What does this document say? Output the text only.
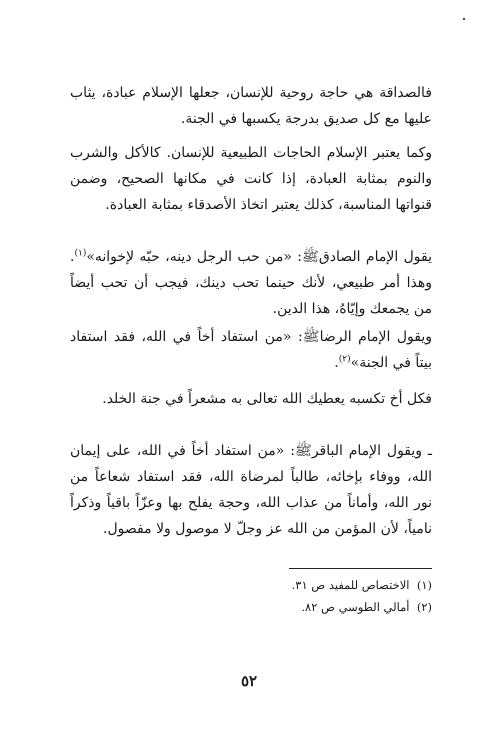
فالصداقة هي حاجة روحية للإنسان، جعلها الإسلام عبادة، يثاب عليها مع كل صديق بدرجة يكسبها في الجنة.

وكما يعتبر الإسلام الحاجات الطبيعية للإنسان. كالأكل والشرب والنوم بمثابة العبادة، إذا كانت في مكانها الصحيح، وضمن قنواتها المناسبة، كذلك يعتبر اتخاذ الأصدقاء بمثابة العبادة.

يقول الإمام الصادقﷺ: «من حب الرجل دينه، حبّه لإخوانه»$^{(١)}$. وهذا أمر طبيعي، لأنك حينما تحب دينك، فيجب أن تحب أيضاً من يجمعك وإيّاهُ، هذا الدين.

ويقول الإمام الرضاﷺ: «من استفاد أخاً في الله، فقد استفاد بيتاً في الجنة»$^{(٢)}$.

فكل أخ تكسبه يعطيك الله تعالى به مشعراً في جنة الخلد.

ـ ويقول الإمام الباقرﷺ: «من استفاد أخاً في الله، على إيمان الله، ووفاء بإخائه، طالباً لمرضاة الله، فقد استفاد شعاعاً من نور الله، وأماناً من عذاب الله، وحجة يفلح بها وعزّاً باقياً وذكراً نامياً، لأن المؤمن من الله عز وجلّ لا موصول ولا مفصول.

(١)  الاختصاص للمفيد ص ٣١.

(٢)  أمالي الطوسي ص ٨٢.

٥٢
